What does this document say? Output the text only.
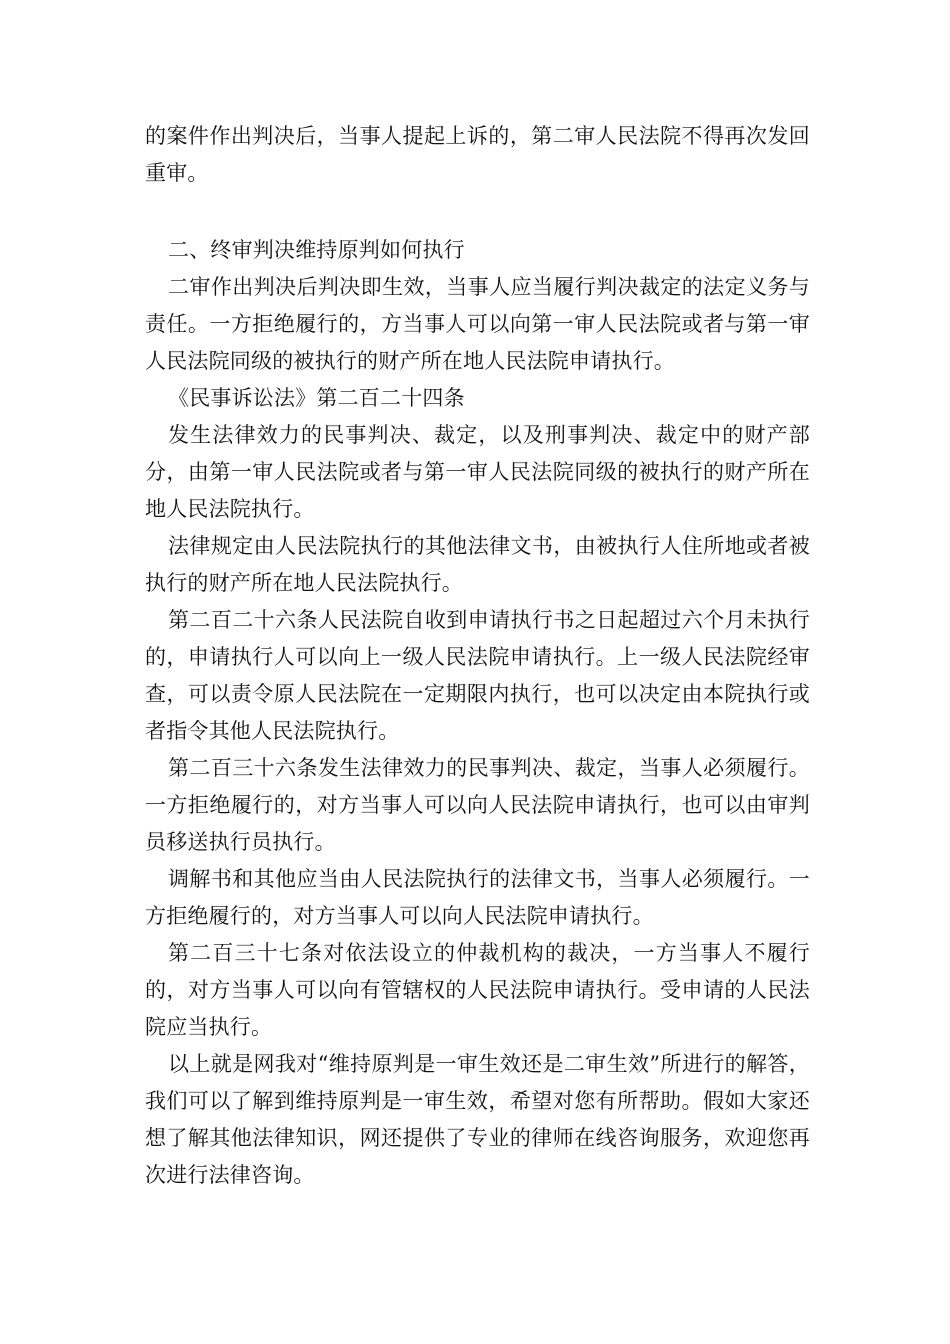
的案件作出判决后，当事人提起上诉的，第二审人民法院不得再次发回重审。

二、终审判决维持原判如何执行

二审作出判决后判决即生效，当事人应当履行判决裁定的法定义务与责任。一方拒绝履行的，方当事人可以向第一审人民法院或者与第一审人民法院同级的被执行的财产所在地人民法院申请执行。

《民事诉讼法》第二百二十四条

发生法律效力的民事判决、裁定，以及刑事判决、裁定中的财产部分，由第一审人民法院或者与第一审人民法院同级的被执行的财产所在地人民法院执行。

法律规定由人民法院执行的其他法律文书，由被执行人住所地或者被执行的财产所在地人民法院执行。

第二百二十六条人民法院自收到申请执行书之日起超过六个月未执行的，申请执行人可以向上一级人民法院申请执行。上一级人民法院经审查，可以责令原人民法院在一定期限内执行，也可以决定由本院执行或者指令其他人民法院执行。

第二百三十六条发生法律效力的民事判决、裁定，当事人必须履行。一方拒绝履行的，对方当事人可以向人民法院申请执行，也可以由审判员移送执行员执行。

调解书和其他应当由人民法院执行的法律文书，当事人必须履行。一方拒绝履行的，对方当事人可以向人民法院申请执行。

第二百三十七条对依法设立的仲裁机构的裁决，一方当事人不履行的，对方当事人可以向有管辖权的人民法院申请执行。受申请的人民法院应当执行。

以上就是网我对“维持原判是一审生效还是二审生效”所进行的解答，我们可以了解到维持原判是一审生效，希望对您有所帮助。假如大家还想了解其他法律知识，网还提供了专业的律师在线咨询服务，欢迎您再次进行法律咨询。
